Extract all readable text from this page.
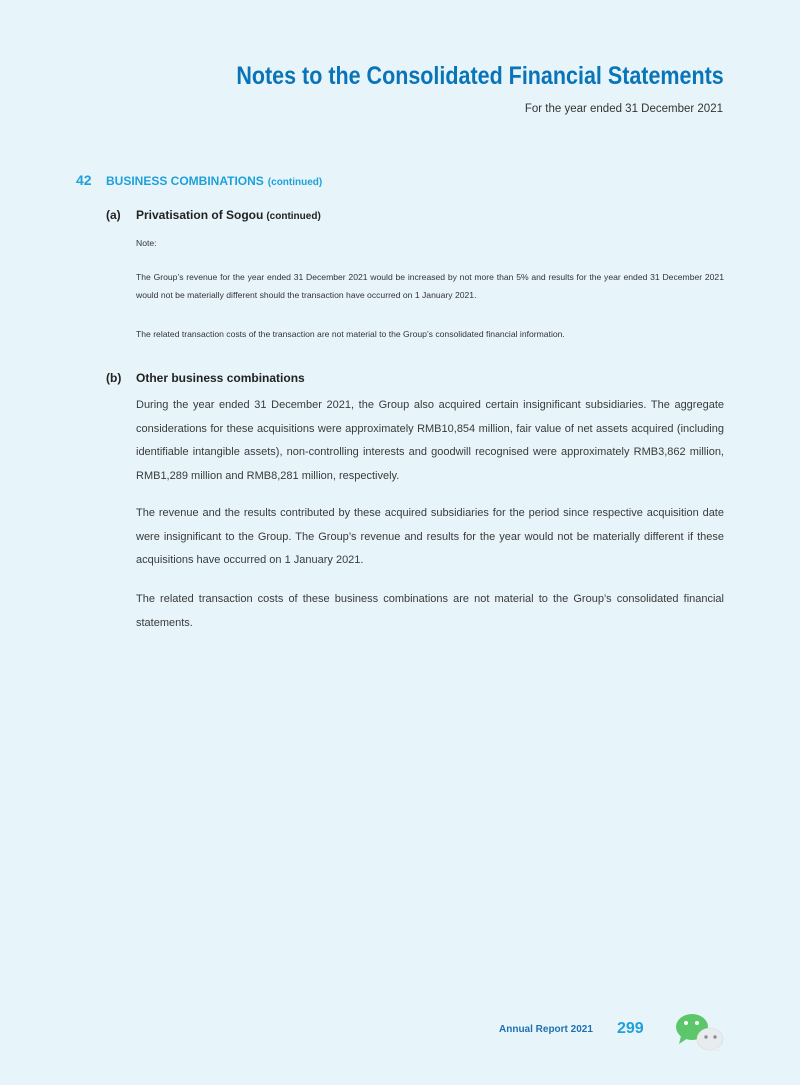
Notes to the Consolidated Financial Statements
For the year ended 31 December 2021
42 BUSINESS COMBINATIONS (continued)
(a) Privatisation of Sogou (continued)

Note:

The Group’s revenue for the year ended 31 December 2021 would be increased by not more than 5% and results for the year ended 31 December 2021 would not be materially different should the transaction have occurred on 1 January 2021.

The related transaction costs of the transaction are not material to the Group’s consolidated financial information.

(b) Other business combinations

During the year ended 31 December 2021, the Group also acquired certain insignificant subsidiaries. The aggregate considerations for these acquisitions were approximately RMB10,854 million, fair value of net assets acquired (including identifiable intangible assets), non-controlling interests and goodwill recognised were approximately RMB3,862 million, RMB1,289 million and RMB8,281 million, respectively.

The revenue and the results contributed by these acquired subsidiaries for the period since respective acquisition date were insignificant to the Group. The Group’s revenue and results for the year would not be materially different if these acquisitions have occurred on 1 January 2021.

The related transaction costs of these business combinations are not material to the Group’s consolidated financial statements.

Annual Report 2021 299
